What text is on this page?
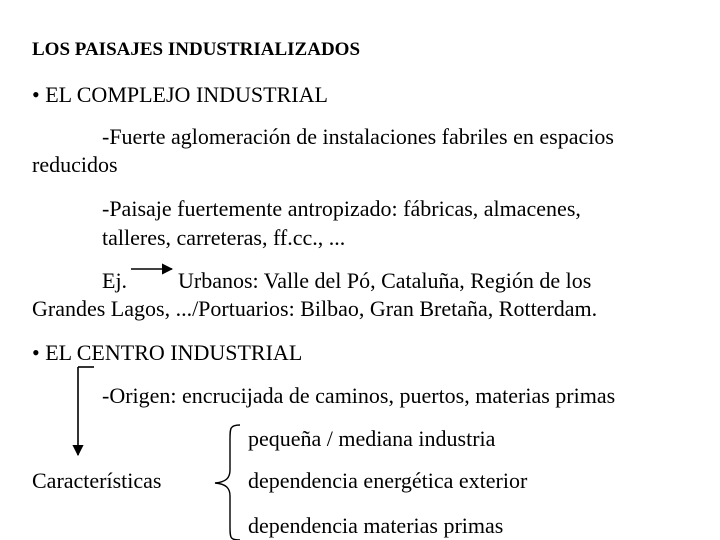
LOS PAISAJES INDUSTRIALIZADOS
• EL COMPLEJO INDUSTRIAL
-Fuerte aglomeración de instalaciones fabriles en espacios
reducidos
-Paisaje fuertemente antropizado: fábricas, almacenes,
talleres, carreteras, ff.cc., ...
Ej. Urbanos: Valle del Pó, Cataluña, Región de los
Grandes Lagos, .../Portuarios: Bilbao, Gran Bretaña, Rotterdam.
• EL CENTRO INDUSTRIAL
-Origen: encrucijada de caminos, puertos, materias primas
Características
pequeña / mediana industria
dependencia energética exterior
dependencia materias primas
